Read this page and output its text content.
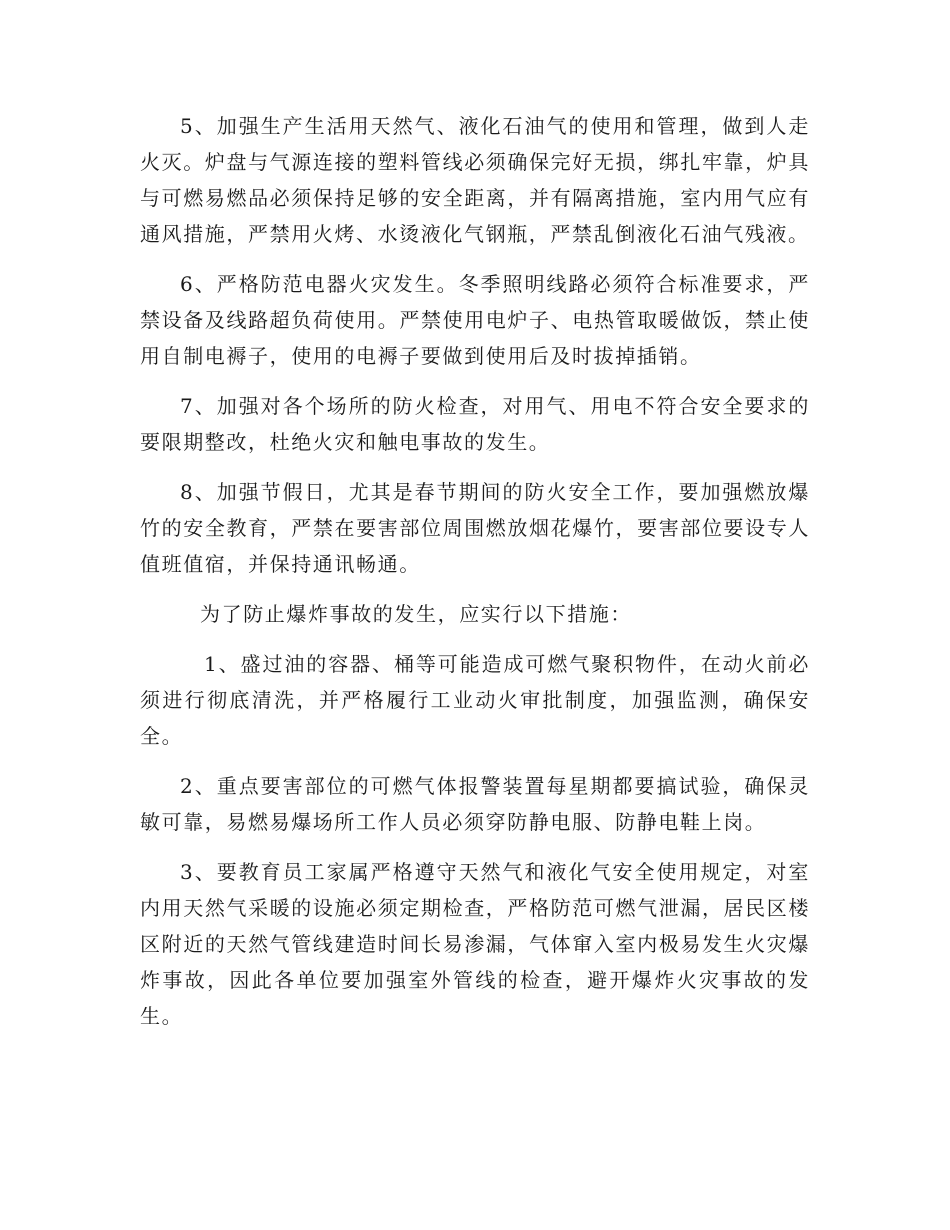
5、加强生产生活用天然气、液化石油气的使用和管理，做到人走火灭。炉盘与气源连接的塑料管线必须确保完好无损，绑扎牢靠，炉具与可燃易燃品必须保持足够的安全距离，并有隔离措施，室内用气应有通风措施，严禁用火烤、水烫液化气钢瓶，严禁乱倒液化石油气残液。

6、严格防范电器火灾发生。冬季照明线路必须符合标准要求，严禁设备及线路超负荷使用。严禁使用电炉子、电热管取暖做饭，禁止使用自制电褥子，使用的电褥子要做到使用后及时拔掉插销。

7、加强对各个场所的防火检查，对用气、用电不符合安全要求的要限期整改，杜绝火灾和触电事故的发生。

8、加强节假日，尤其是春节期间的防火安全工作，要加强燃放爆竹的安全教育，严禁在要害部位周围燃放烟花爆竹，要害部位要设专人值班值宿，并保持通讯畅通。

为了防止爆炸事故的发生，应实行以下措施：

1、盛过油的容器、桶等可能造成可燃气聚积物件，在动火前必须进行彻底清洗，并严格履行工业动火审批制度，加强监测，确保安全。

2、重点要害部位的可燃气体报警装置每星期都要搞试验，确保灵敏可靠，易燃易爆场所工作人员必须穿防静电服、防静电鞋上岗。

3、要教育员工家属严格遵守天然气和液化气安全使用规定，对室内用天然气采暖的设施必须定期检查，严格防范可燃气泄漏，居民区楼区附近的天然气管线建造时间长易渗漏，气体窜入室内极易发生火灾爆炸事故，因此各单位要加强室外管线的检查，避开爆炸火灾事故的发生。
